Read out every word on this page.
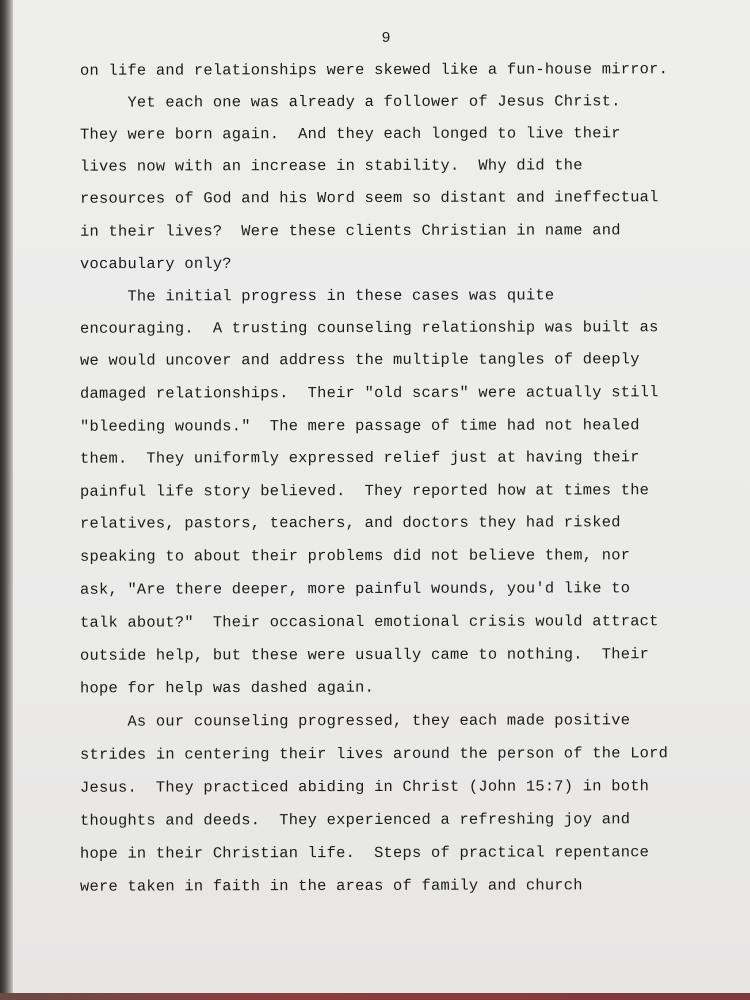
9
on life and relationships were skewed like a fun-house mirror.
Yet each one was already a follower of Jesus Christ.
They were born again.  And they each longed to live their
lives now with an increase in stability.  Why did the
resources of God and his Word seem so distant and ineffectual
in their lives?  Were these clients Christian in name and
vocabulary only?
The initial progress in these cases was quite
encouraging.  A trusting counseling relationship was built as
we would uncover and address the multiple tangles of deeply
damaged relationships.  Their "old scars" were actually still
"bleeding wounds."  The mere passage of time had not healed
them.  They uniformly expressed relief just at having their
painful life story believed.  They reported how at times the
relatives, pastors, teachers, and doctors they had risked
speaking to about their problems did not believe them, nor
ask, "Are there deeper, more painful wounds, you'd like to
talk about?"  Their occasional emotional crisis would attract
outside help, but these were usually came to nothing.  Their
hope for help was dashed again.
As our counseling progressed, they each made positive
strides in centering their lives around the person of the Lord
Jesus.  They practiced abiding in Christ (John 15:7) in both
thoughts and deeds.  They experienced a refreshing joy and
hope in their Christian life.  Steps of practical repentance
were taken in faith in the areas of family and church
